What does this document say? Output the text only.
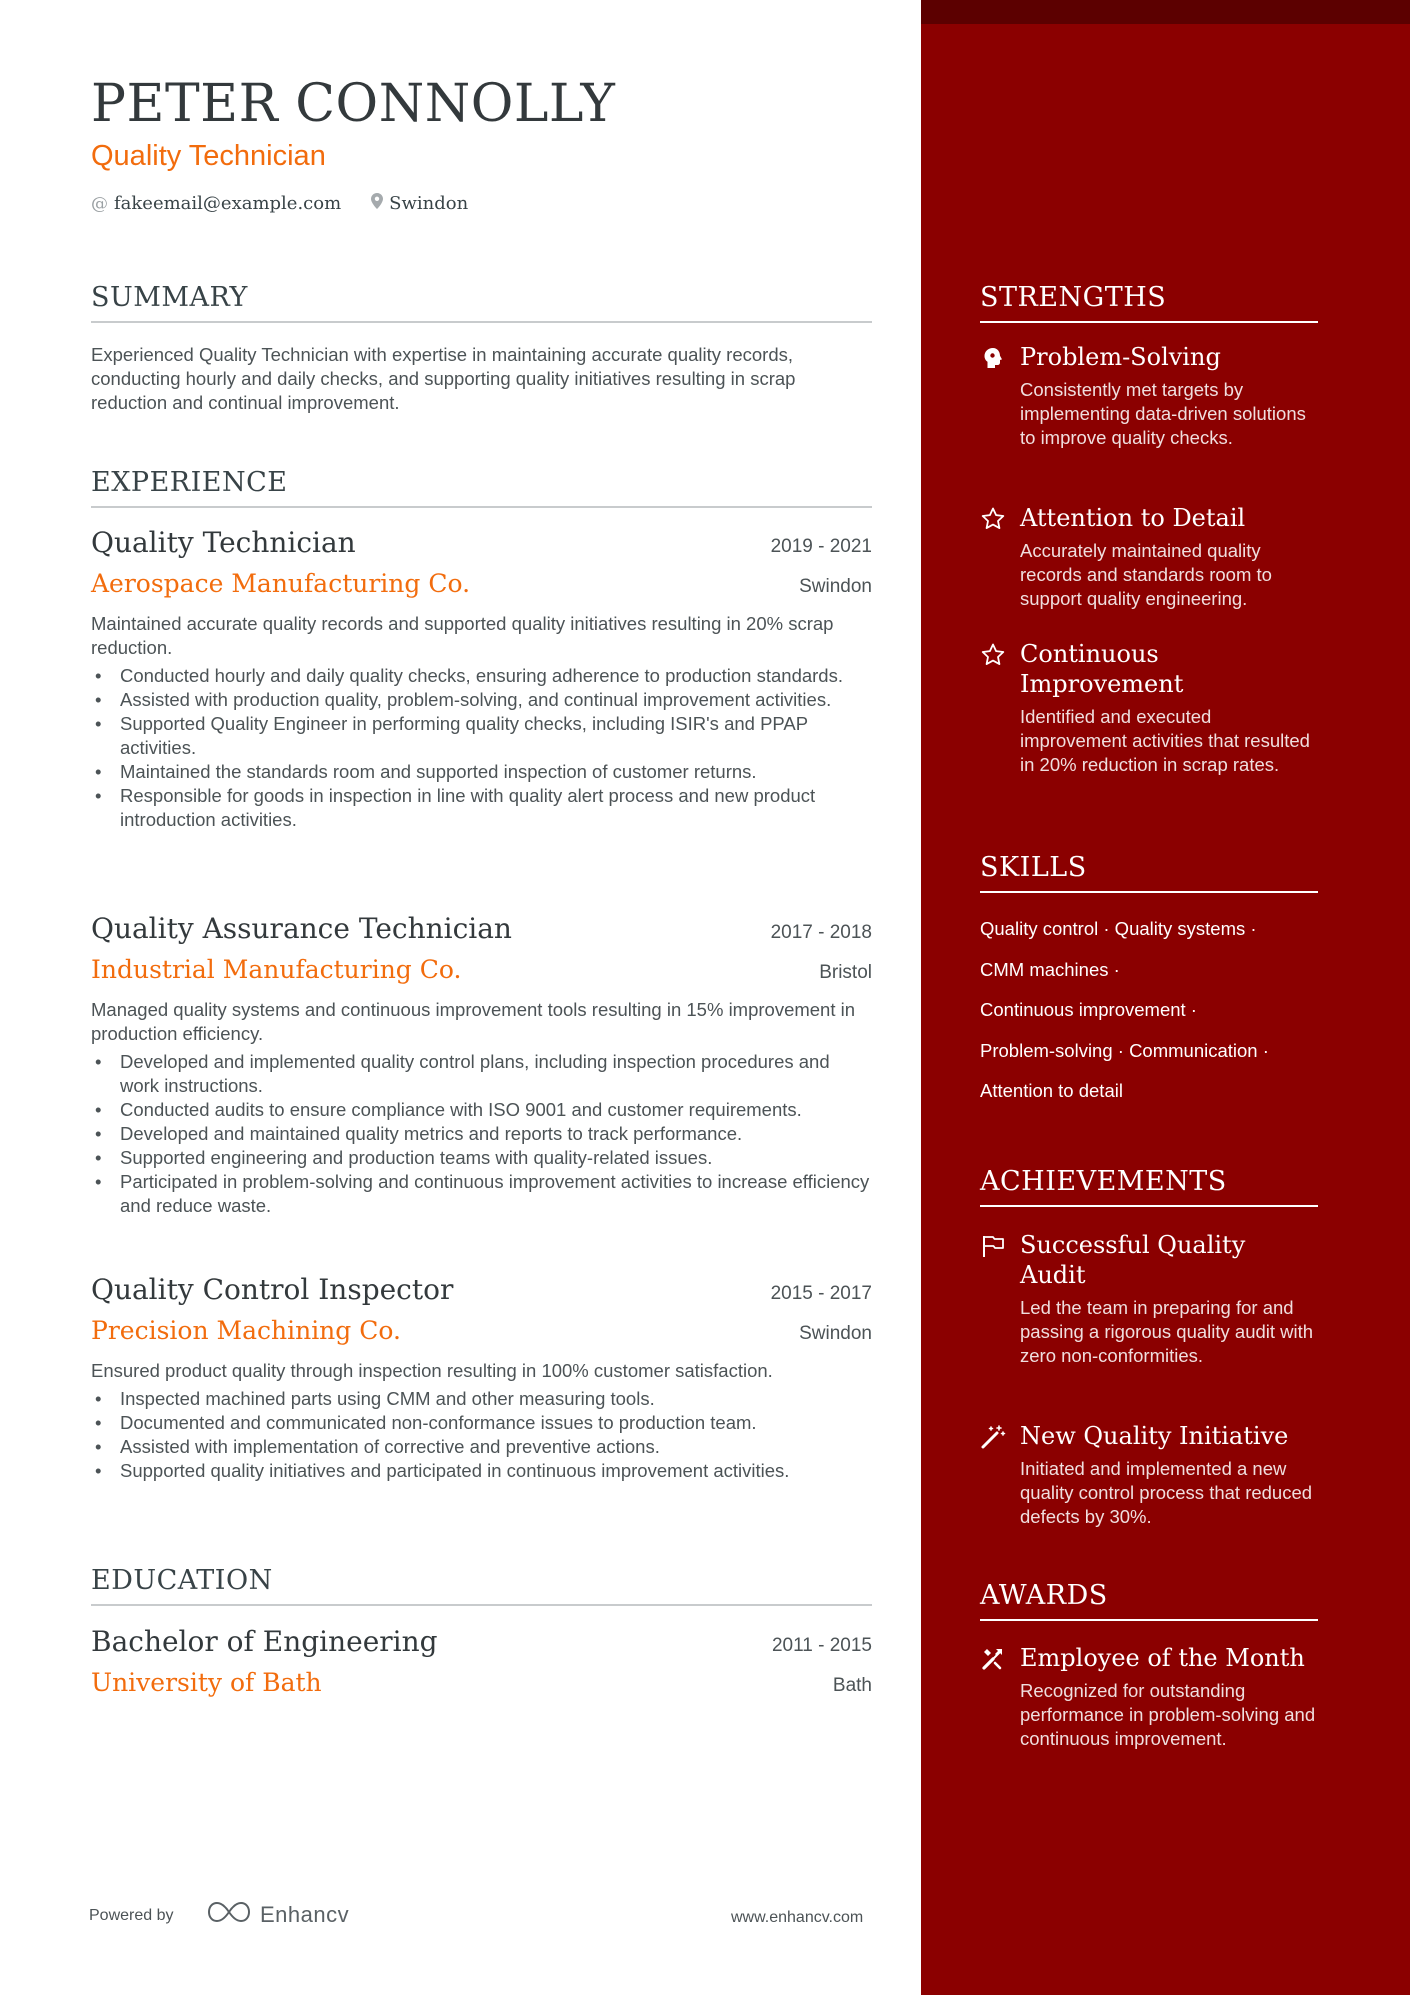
PETER CONNOLLY
Quality Technician
@ fakeemail@example.com	Swindon
SUMMARY
Experienced Quality Technician with expertise in maintaining accurate quality records, conducting hourly and daily checks, and supporting quality initiatives resulting in scrap reduction and continual improvement.
EXPERIENCE
Quality Technician	2019 - 2021
Aerospace Manufacturing Co.	Swindon
Maintained accurate quality records and supported quality initiatives resulting in 20% scrap reduction.
• Conducted hourly and daily quality checks, ensuring adherence to production standards.
• Assisted with production quality, problem-solving, and continual improvement activities.
• Supported Quality Engineer in performing quality checks, including ISIR's and PPAP activities.
• Maintained the standards room and supported inspection of customer returns.
• Responsible for goods in inspection in line with quality alert process and new product introduction activities.
Quality Assurance Technician	2017 - 2018
Industrial Manufacturing Co.	Bristol
Managed quality systems and continuous improvement tools resulting in 15% improvement in production efficiency.
• Developed and implemented quality control plans, including inspection procedures and work instructions.
• Conducted audits to ensure compliance with ISO 9001 and customer requirements.
• Developed and maintained quality metrics and reports to track performance.
• Supported engineering and production teams with quality-related issues.
• Participated in problem-solving and continuous improvement activities to increase efficiency and reduce waste.
Quality Control Inspector	2015 - 2017
Precision Machining Co.	Swindon
Ensured product quality through inspection resulting in 100% customer satisfaction.
• Inspected machined parts using CMM and other measuring tools.
• Documented and communicated non-conformance issues to production team.
• Assisted with implementation of corrective and preventive actions.
• Supported quality initiatives and participated in continuous improvement activities.
EDUCATION
Bachelor of Engineering	2011 - 2015
University of Bath	Bath
STRENGTHS
Problem-Solving
Consistently met targets by implementing data-driven solutions to improve quality checks.
Attention to Detail
Accurately maintained quality records and standards room to support quality engineering.
Continuous Improvement
Identified and executed improvement activities that resulted in 20% reduction in scrap rates.
SKILLS
Quality control · Quality systems ·
CMM machines ·
Continuous improvement ·
Problem-solving · Communication ·
Attention to detail
ACHIEVEMENTS
Successful Quality Audit
Led the team in preparing for and passing a rigorous quality audit with zero non-conformities.
New Quality Initiative
Initiated and implemented a new quality control process that reduced defects by 30%.
AWARDS
Employee of the Month
Recognized for outstanding performance in problem-solving and continuous improvement.
Powered by	Enhancv	www.enhancv.com
